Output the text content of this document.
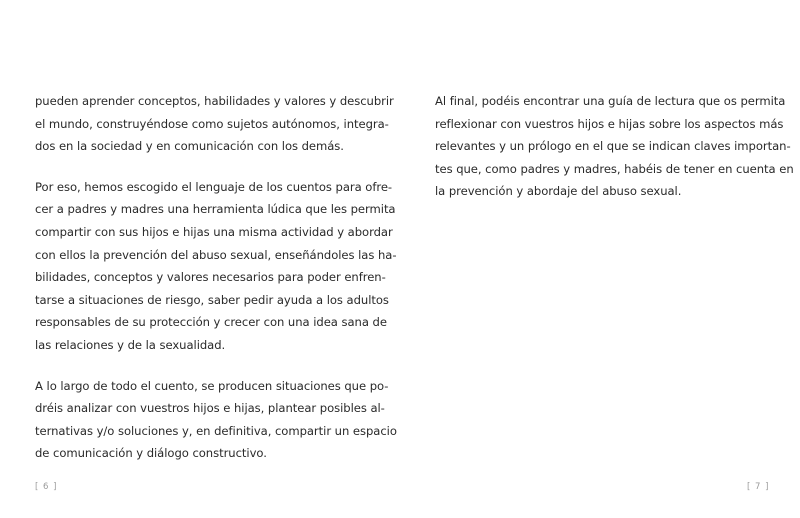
pueden aprender conceptos, habilidades y valores y descubrir
el mundo, construyéndose como sujetos autónomos, integra-
dos en la sociedad y en comunicación con los demás.

Por eso, hemos escogido el lenguaje de los cuentos para ofre-
cer a padres y madres una herramienta lúdica que les permita
compartir con sus hijos e hijas una misma actividad y abordar
con ellos la prevención del abuso sexual, enseñándoles las ha-
bilidades, conceptos y valores necesarios para poder enfren-
tarse a situaciones de riesgo, saber pedir ayuda a los adultos
responsables de su protección y crecer con una idea sana de
las relaciones y de la sexualidad.

A lo largo de todo el cuento, se producen situaciones que po-
dréis analizar con vuestros hijos e hijas, plantear posibles al-
ternativas y/o soluciones y, en definitiva, compartir un espacio
de comunicación y diálogo constructivo.

[ 6 ]

Al final, podéis encontrar una guía de lectura que os permita
reflexionar con vuestros hijos e hijas sobre los aspectos más
relevantes y un prólogo en el que se indican claves importan-
tes que, como padres y madres, habéis de tener en cuenta en
la prevención y abordaje del abuso sexual.

[ 7 ]
